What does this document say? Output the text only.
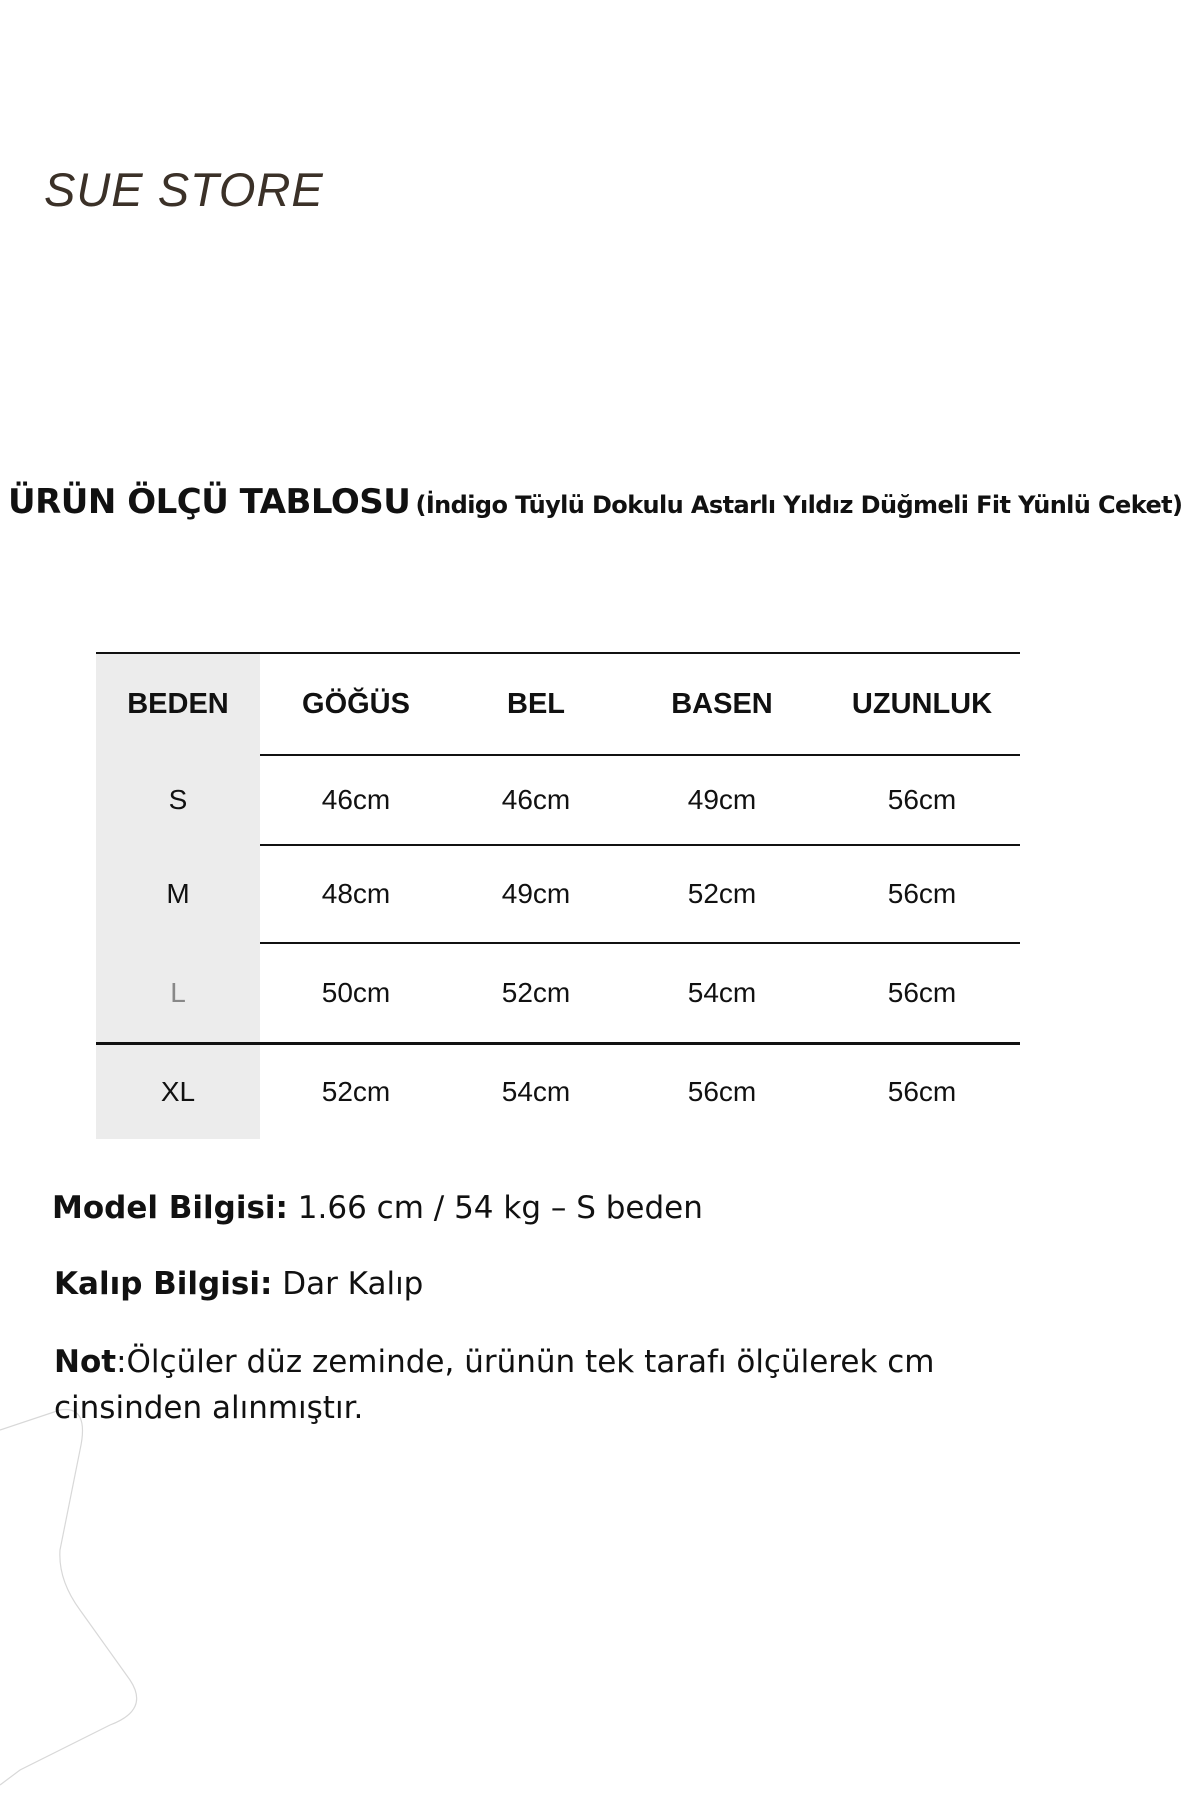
SUE STORE
ÜRÜN ÖLÇÜ TABLOSU (İndigo Tüylü Dokulu Astarlı Yıldız Düğmeli Fit Yünlü Ceket)
BEDEN	GÖĞÜS	BEL	BASEN	UZUNLUK
S	46cm	46cm	49cm	56cm
M	48cm	49cm	52cm	56cm
L	50cm	52cm	54cm	56cm
XL	52cm	54cm	56cm	56cm
Model Bilgisi: 1.66 cm / 54 kg – S beden
Kalıp Bilgisi: Dar Kalıp
Not:Ölçüler düz zeminde, ürünün tek tarafı ölçülerek cm cinsinden alınmıştır.
